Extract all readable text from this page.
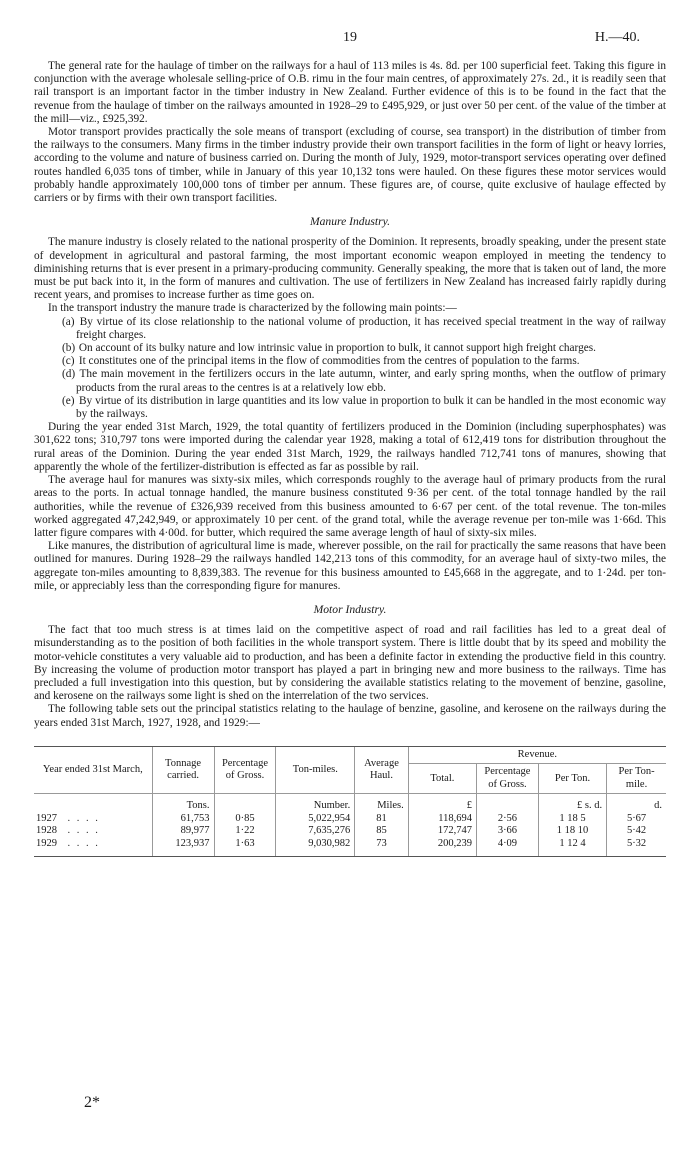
19	H.—40.

The general rate for the haulage of timber on the railways for a haul of 113 miles is 4s. 8d. per 100 superficial feet. Taking this figure in conjunction with the average wholesale selling-price of O.B. rimu in the four main centres, of approximately 27s. 2d., it is readily seen that rail transport is an important factor in the timber industry in New Zealand. Further evidence of this is to be found in the fact that the revenue from the haulage of timber on the railways amounted in 1928–29 to £495,929, or just over 50 per cent. of the value of the timber at the mill—viz., £925,392.

Motor transport provides practically the sole means of transport (excluding of course, sea transport) in the distribution of timber from the railways to the consumers. Many firms in the timber industry provide their own transport facilities in the form of light or heavy lorries, according to the volume and nature of business carried on. During the month of July, 1929, motor-transport services operating over defined routes handled 6,035 tons of timber, while in January of this year 10,132 tons were hauled. On these figures these motor services would probably handle approximately 100,000 tons of timber per annum. These figures are, of course, quite exclusive of haulage effected by carriers or by firms with their own transport facilities.

Manure Industry.

The manure industry is closely related to the national prosperity of the Dominion. It represents, broadly speaking, under the present state of development in agricultural and pastoral farming, the most important economic weapon employed in meeting the tendency to diminishing returns that is ever present in a primary-producing community. Generally speaking, the more that is taken out of land, the more must be put back into it, in the form of manures and cultivation. The use of fertilizers in New Zealand has increased fairly rapidly during recent years, and promises to increase further as time goes on.

In the transport industry the manure trade is characterized by the following main points:—

(a) By virtue of its close relationship to the national volume of production, it has received special treatment in the way of railway freight charges.
(b) On account of its bulky nature and low intrinsic value in proportion to bulk, it cannot support high freight charges.
(c) It constitutes one of the principal items in the flow of commodities from the centres of population to the farms.
(d) The main movement in the fertilizers occurs in the late autumn, winter, and early spring months, when the outflow of primary products from the rural areas to the centres is at a relatively low ebb.
(e) By virtue of its distribution in large quantities and its low value in proportion to bulk it can be handled in the most economic way by the railways.

During the year ended 31st March, 1929, the total quantity of fertilizers produced in the Dominion (including superphosphates) was 301,622 tons; 310,797 tons were imported during the calendar year 1928, making a total of 612,419 tons for distribution throughout the rural areas of the Dominion. During the year ended 31st March, 1929, the railways handled 712,741 tons of manures, showing that apparently the whole of the fertilizer-distribution is effected as far as possible by rail.

The average haul for manures was sixty-six miles, which corresponds roughly to the average haul of primary products from the rural areas to the ports. In actual tonnage handled, the manure business constituted 9·36 per cent. of the total tonnage handled by the rail authorities, while the revenue of £326,939 received from this business amounted to 6·67 per cent. of the total revenue. The ton-miles worked aggregated 47,242,949, or approximately 10 per cent. of the grand total, while the average revenue per ton-mile was 1·66d. This latter figure compares with 4·00d. for butter, which required the same average length of haul of sixty-six miles.

Like manures, the distribution of agricultural lime is made, wherever possible, on the rail for practically the same reasons that have been outlined for manures. During 1928–29 the railways handled 142,213 tons of this commodity, for an average haul of sixty-two miles, the aggregate ton-miles amounting to 8,839,383. The revenue for this business amounted to £45,668 in the aggregate, and to 1·24d. per ton-mile, or appreciably less than the corresponding figure for manures.

Motor Industry.

The fact that too much stress is at times laid on the competitive aspect of road and rail facilities has led to a great deal of misunderstanding as to the position of both facilities in the whole transport system. There is little doubt that by its speed and mobility the motor-vehicle constitutes a very valuable aid to production, and has been a definite factor in extending the productive field in this country. By increasing the volume of production motor transport has played a part in bringing new and more business to the railways. Time has precluded a full investigation into this question, but by considering the available statistics relating to the movement of benzine, gasoline, and kerosene on the railways some light is shed on the interrelation of the two services.

The following table sets out the principal statistics relating to the haulage of benzine, gasoline, and kerosene on the railways during the years ended 31st March, 1927, 1928, and 1929:—

Year ended 31st March,	Tonnage carried.	Percentage of Gross.	Ton-miles.	Average Haul.	Revenue.			
					Total.	Percentage of Gross.	Per Ton.	Per Ton-mile.
	Tons.		Number.	Miles.	£		£ s. d.	d.
1927 . . . .	61,753	0·85	5,022,954	81	118,694	2·56	1 18 5	5·67
1928 . . . .	89,977	1·22	7,635,276	85	172,747	3·66	1 18 10	5·42
1929 . . . .	123,937	1·63	9,030,982	73	200,239	4·09	1 12 4	5·32
2*
